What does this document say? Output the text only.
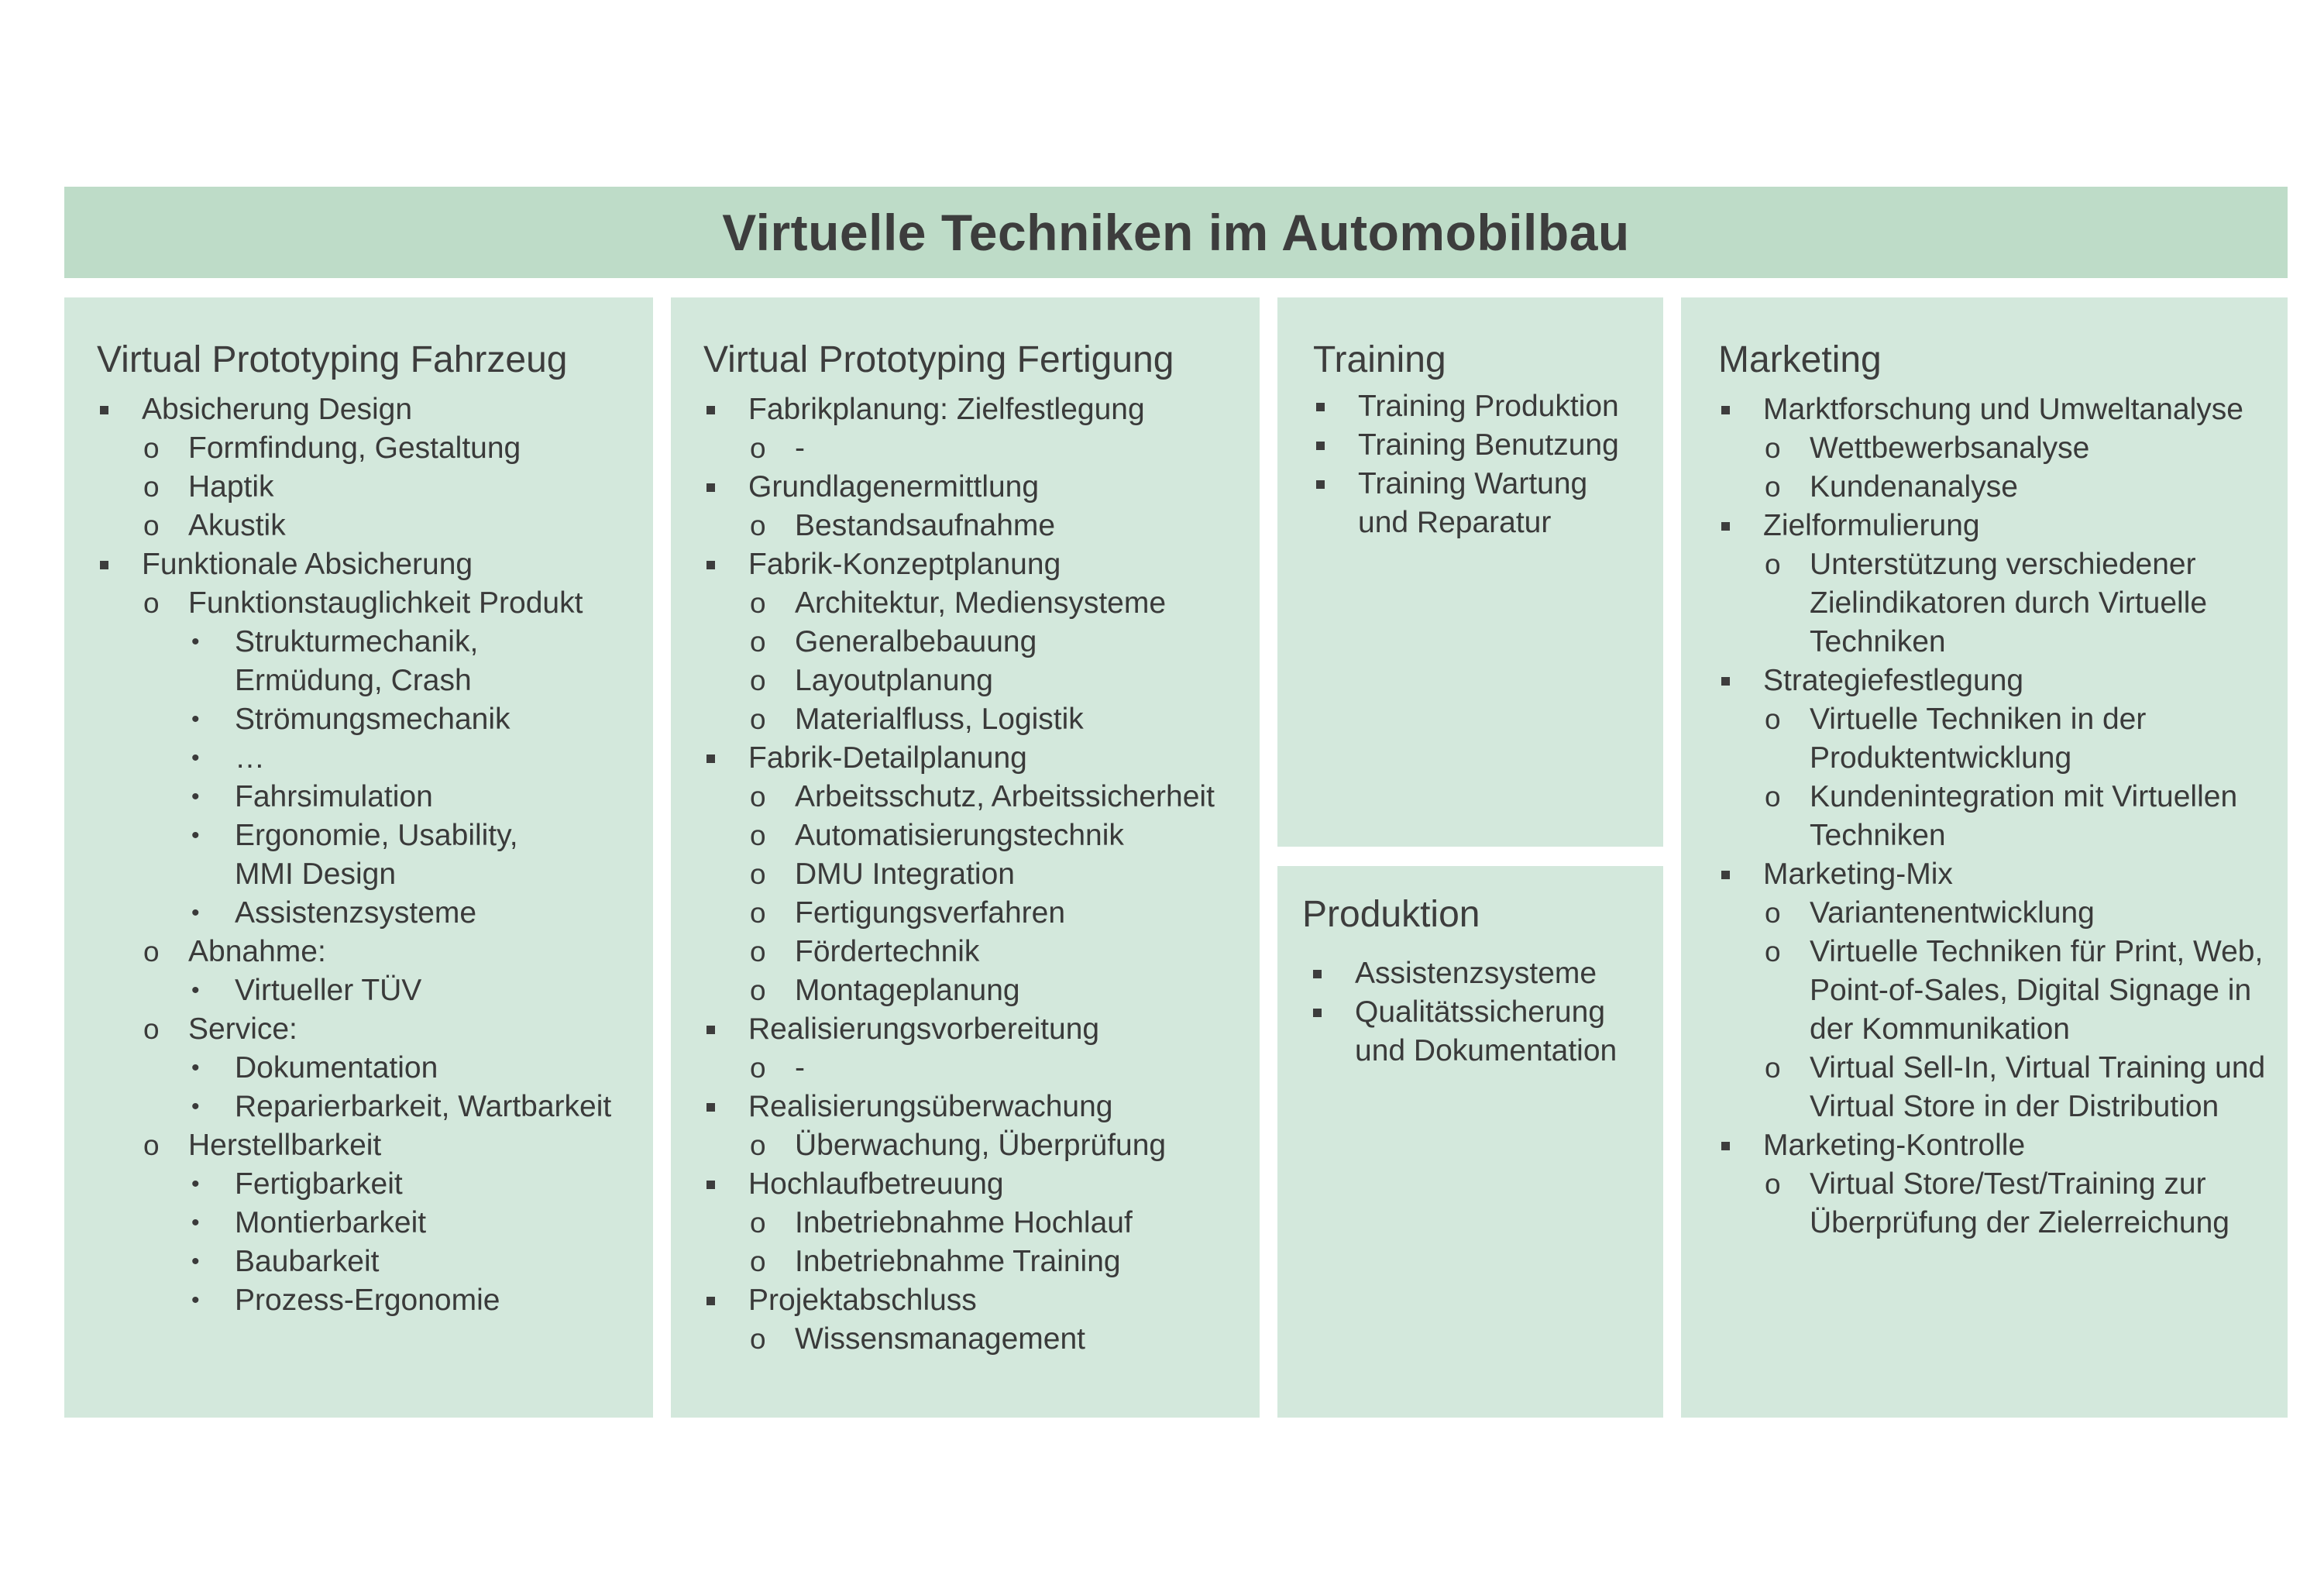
Virtuelle Techniken im Automobilbau
Virtual Prototyping Fahrzeug
Absicherung Design
o Formfindung, Gestaltung
o Haptik
o Akustik
Funktionale Absicherung
o Funktionstauglichkeit Produkt
• Strukturmechanik,
Ermüdung, Crash
• Strömungsmechanik
• …
• Fahrsimulation
• Ergonomie, Usability,
MMI Design
• Assistenzsysteme
o Abnahme:
• Virtueller TÜV
o Service:
• Dokumentation
• Reparierbarkeit, Wartbarkeit
o Herstellbarkeit
• Fertigbarkeit
• Montierbarkeit
• Baubarkeit
• Prozess-Ergonomie
Virtual Prototyping Fertigung
Fabrikplanung: Zielfestlegung
o -
Grundlagenermittlung
o Bestandsaufnahme
Fabrik-Konzeptplanung
o Architektur, Mediensysteme
o Generalbebauung
o Layoutplanung
o Materialfluss, Logistik
Fabrik-Detailplanung
o Arbeitsschutz, Arbeitssicherheit
o Automatisierungstechnik
o DMU Integration
o Fertigungsverfahren
o Fördertechnik
o Montageplanung
Realisierungsvorbereitung
o -
Realisierungsüberwachung
o Überwachung, Überprüfung
Hochlaufbetreuung
o Inbetriebnahme Hochlauf
o Inbetriebnahme Training
Projektabschluss
o Wissensmanagement
Training
Training Produktion
Training Benutzung
Training Wartung
und Reparatur
Produktion
Assistenzsysteme
Qualitätssicherung
und Dokumentation
Marketing
Marktforschung und Umweltanalyse
o Wettbewerbsanalyse
o Kundenanalyse
Zielformulierung
o Unterstützung verschiedener
Zielindikatoren durch Virtuelle
Techniken
Strategiefestlegung
o Virtuelle Techniken in der
Produktentwicklung
o Kundenintegration mit Virtuellen
Techniken
Marketing-Mix
o Variantenentwicklung
o Virtuelle Techniken für Print, Web,
Point-of-Sales, Digital Signage in
der Kommunikation
o Virtual Sell-In, Virtual Training und
Virtual Store in der Distribution
Marketing-Kontrolle
o Virtual Store/Test/Training zur
Überprüfung der Zielerreichung
